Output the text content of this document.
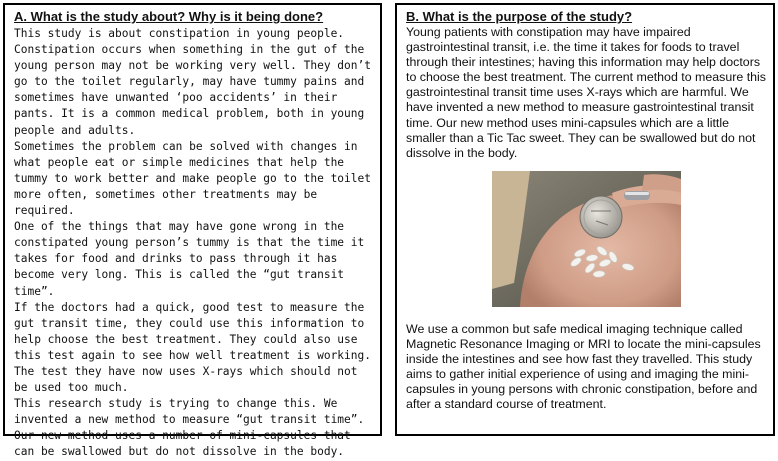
A. What is the study about? Why is it being done?

This study is about constipation in young people.

Constipation occurs when something in the gut of the young person may not be working very well. They don’t go to the toilet regularly, may have tummy pains and sometimes have unwanted ‘poo accidents’ in their pants. It is a common medical problem, both in young people and adults.

Sometimes the problem can be solved with changes in what people eat or simple medicines that help the tummy to work better and make people go to the toilet more often, sometimes other treatments may be required.

One of the things that may have gone wrong in the constipated young person’s tummy is that the time it takes for food and drinks to pass through it has become very long. This is called the “gut transit time”.

If the doctors had a quick, good test to measure the gut transit time, they could use this information to help choose the best treatment. They could also use this test again to see how well treatment is working. The test they have now uses X-rays which should not be used too much.

This research study is trying to change this. We invented a new method to measure “gut transit time”. Our new method uses a number of mini-capsules that can be swallowed but do not dissolve in the body.

B. What is the purpose of the study?

Young patients with constipation may have impaired gastrointestinal transit, i.e. the time it takes for foods to travel through their intestines; having this information may help doctors to choose the best treatment. The current method to measure this gastrointestinal transit time uses X-rays which are harmful. We have invented a new method to measure gastrointestinal transit time. Our new method uses mini-capsules which are a little smaller than a Tic Tac sweet. They can be swallowed but do not dissolve in the body.

We use a common but safe medical imaging technique called Magnetic Resonance Imaging or MRI to locate the mini-capsules inside the intestines and see how fast they travelled. This study aims to gather initial experience of using and imaging the mini-capsules in young persons with chronic constipation, before and after a standard course of treatment.
